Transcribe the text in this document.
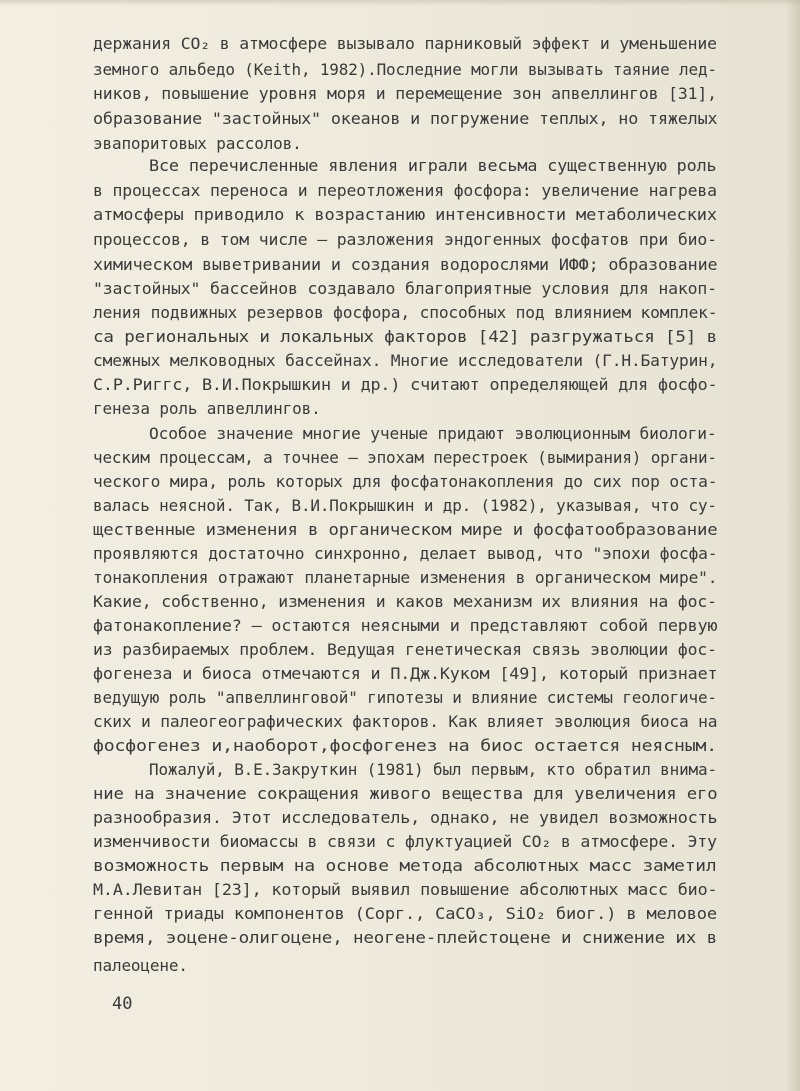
держания CO₂ в атмосфере вызывало парниковый эффект и уменьшение
земного альбедо (Keith, 1982).Последние могли вызывать таяние лед-
ников, повышение уровня моря и перемещение зон апвеллингов [31],
образование "застойных" океанов и погружение теплых, но тяжелых
эвапоритовых рассолов.
Все перечисленные явления играли весьма существенную роль
в процессах переноса и переотложения фосфора: увеличение нагрева
атмосферы приводило к возрастанию интенсивности метаболических
процессов, в том числе – разложения эндогенных фосфатов при био-
химическом выветривании и создания водорослями ИФФ; образование
"застойных" бассейнов создавало благоприятные условия для накоп-
ления подвижных резервов фосфора, способных под влиянием комплек-
са региональных и локальных факторов [42] разгружаться [5] в
смежных мелководных бассейнах. Многие исследователи (Г.Н.Батурин,
С.Р.Риггс, В.И.Покрышкин и др.) считают определяющей для фосфо-
генеза роль апвеллингов.
Особое значение многие ученые придают эволюционным биологи-
ческим процессам, а точнее – эпохам перестроек (вымирания) органи-
ческого мира, роль которых для фосфатонакопления до сих пор оста-
валась неясной. Так, В.И.Покрышкин и др. (1982), указывая, что су-
щественные изменения в органическом мире и фосфатообразование
проявляются достаточно синхронно, делает вывод, что "эпохи фосфа-
тонакопления отражают планетарные изменения в органическом мире".
Какие, собственно, изменения и каков механизм их влияния на фос-
фатонакопление? – остаются неясными и представляют собой первую
из разбираемых проблем. Ведущая генетическая связь эволюции фос-
фогенеза и биоса отмечаются и П.Дж.Куком [49], который признает
ведущую роль "апвеллинговой" гипотезы и влияние системы геологиче-
ских и палеогеографических факторов. Как влияет эволюция биоса на
фосфогенез и,наоборот,фосфогенез на биос остается неясным.
Пожалуй, В.Е.Закруткин (1981) был первым, кто обратил внима-
ние на значение сокращения живого вещества для увеличения его
разнообразия. Этот исследователь, однако, не увидел возможность
изменчивости биомассы в связи с флуктуацией CO₂ в атмосфере. Эту
возможность первым на основе метода абсолютных масс заметил
М.А.Левитан [23], который выявил повышение абсолютных масс био-
генной триады компонентов (Cорг., CaCO₃, SiO₂ биог.) в меловое
время, эоцене-олигоцене, неогене-плейстоцене и снижение их в
палеоцене.
40
